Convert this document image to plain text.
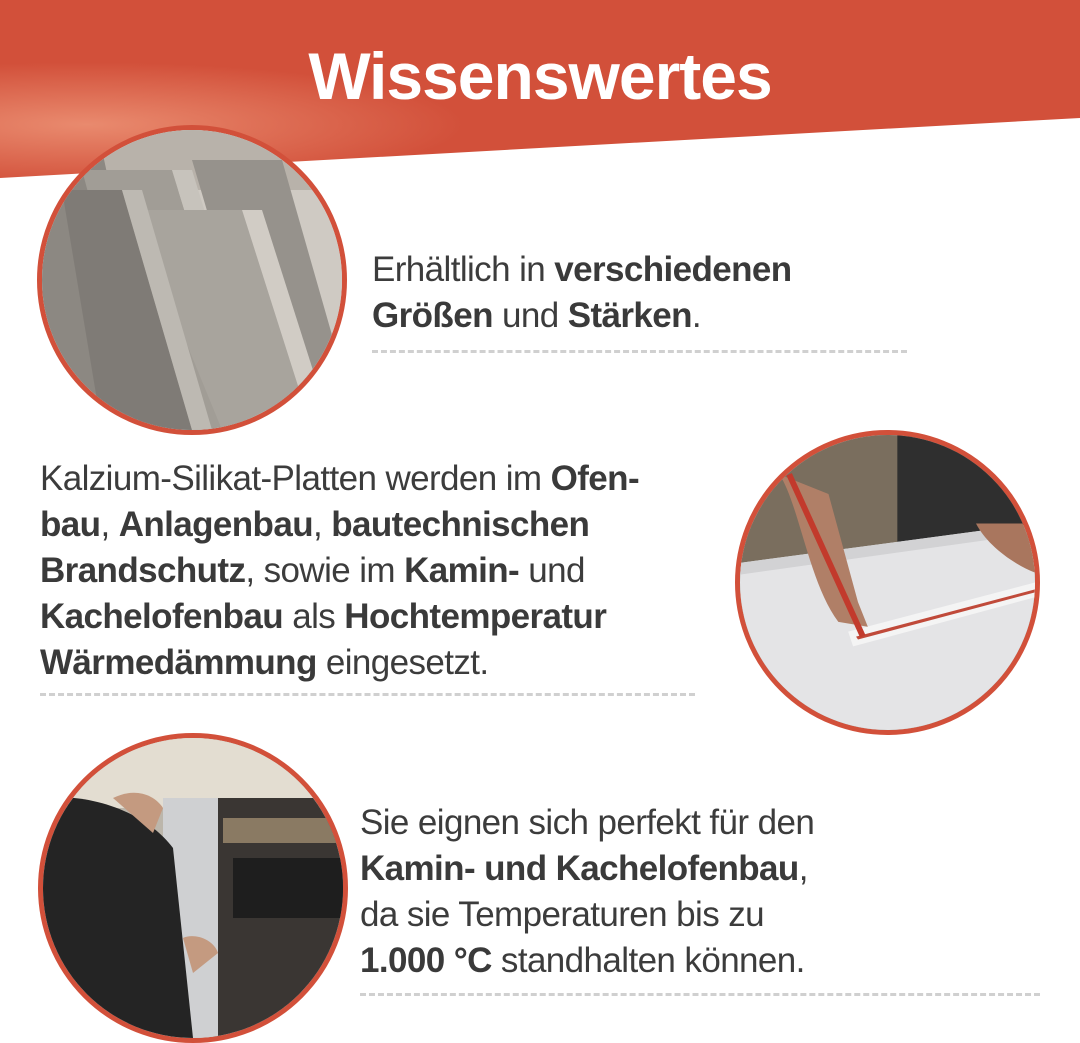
Wissenswertes
Erhältlich in verschiedenen
Größen und Stärken.
Kalzium-Silikat-Platten werden im Ofen-
bau, Anlagenbau, bautechnischen
Brandschutz, sowie im Kamin- und
Kachelofenbau als Hochtemperatur
Wärmedämmung eingesetzt.
Sie eignen sich perfekt für den
Kamin- und Kachelofenbau,
da sie Temperaturen bis zu
1.000 °C standhalten können.
